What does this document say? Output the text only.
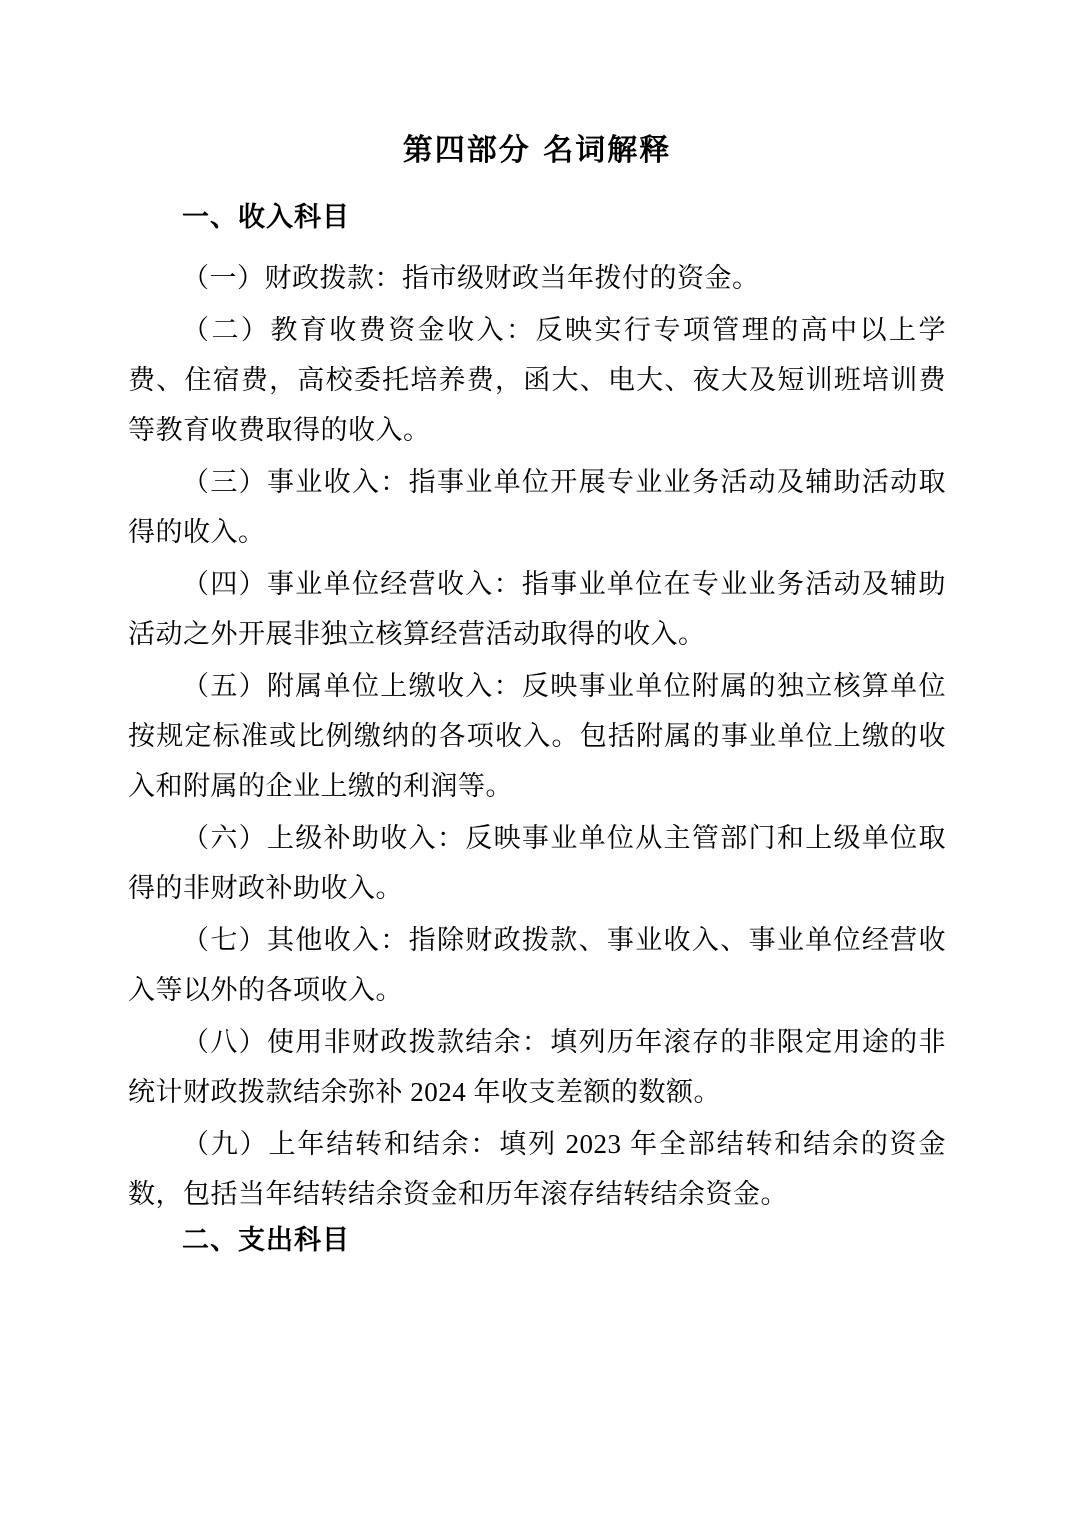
第四部分 名词解释
一、收入科目

（一）财政拨款：指市级财政当年拨付的资金。

（二）教育收费资金收入：反映实行专项管理的高中以上学费、住宿费，高校委托培养费，函大、电大、夜大及短训班培训费等教育收费取得的收入。

（三）事业收入：指事业单位开展专业业务活动及辅助活动取得的收入。

（四）事业单位经营收入：指事业单位在专业业务活动及辅助活动之外开展非独立核算经营活动取得的收入。

（五）附属单位上缴收入：反映事业单位附属的独立核算单位按规定标准或比例缴纳的各项收入。包括附属的事业单位上缴的收入和附属的企业上缴的利润等。

（六）上级补助收入：反映事业单位从主管部门和上级单位取得的非财政补助收入。

（七）其他收入：指除财政拨款、事业收入、事业单位经营收入等以外的各项收入。

（八）使用非财政拨款结余：填列历年滚存的非限定用途的非统计财政拨款结余弥补 2024 年收支差额的数额。

（九）上年结转和结余：填列 2023 年全部结转和结余的资金数，包括当年结转结余资金和历年滚存结转结余资金。

二、支出科目
